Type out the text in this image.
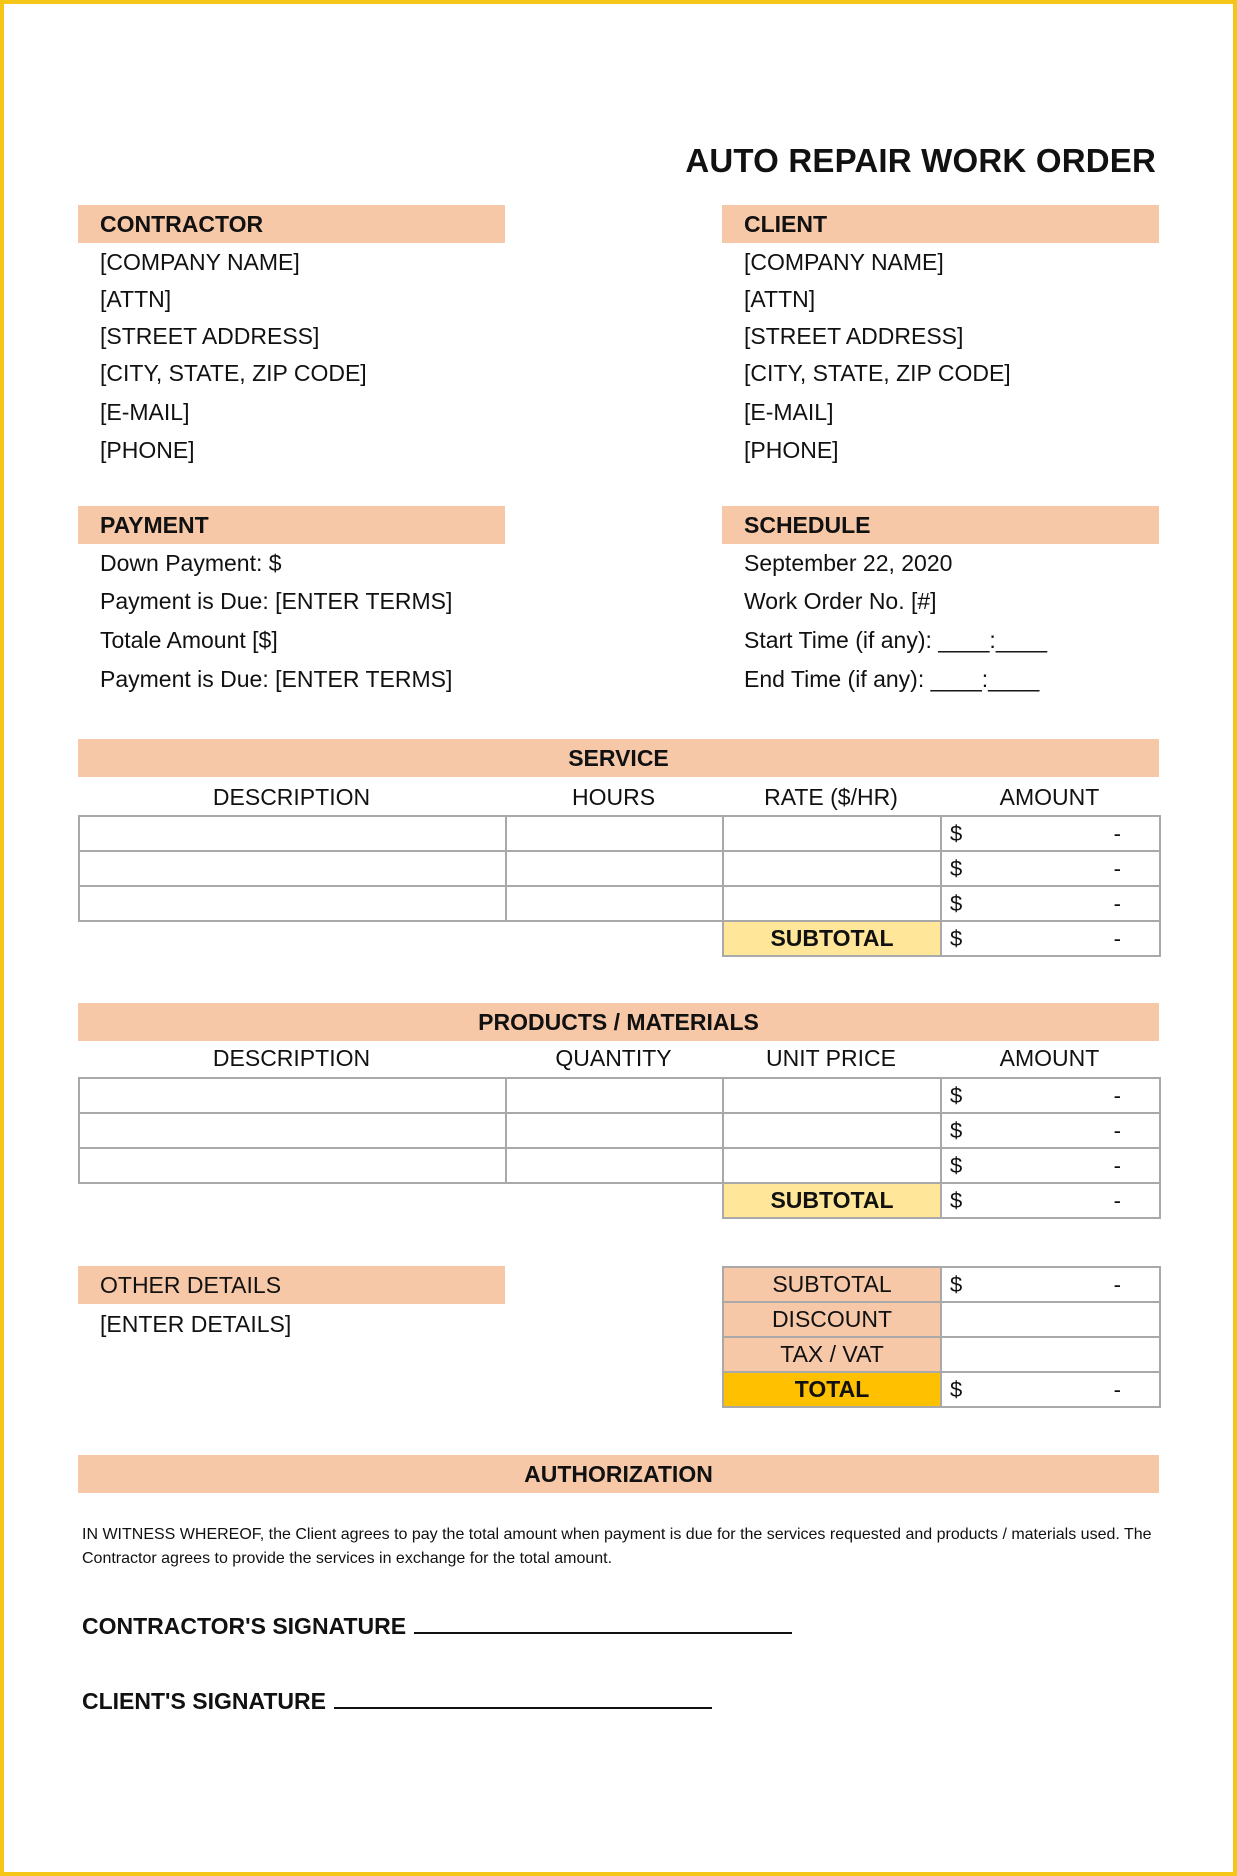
AUTO REPAIR WORK ORDER
CONTRACTOR
[COMPANY NAME]
[ATTN]
[STREET ADDRESS]
[CITY, STATE, ZIP CODE]
[E-MAIL]
[PHONE]
CLIENT
[COMPANY NAME]
[ATTN]
[STREET ADDRESS]
[CITY, STATE, ZIP CODE]
[E-MAIL]
[PHONE]
PAYMENT
Down Payment: $
Payment is Due: [ENTER TERMS]
Totale Amount [$]
Payment is Due: [ENTER TERMS]
SCHEDULE
September 22, 2020
Work Order No. [#]
Start Time (if any): ____:____
End Time (if any): ____:____
SERVICE
DESCRIPTION	HOURS	RATE ($/HR)	AMOUNT

			$ -

			$ -

			$ -

		SUBTOTAL	$ -
PRODUCTS / MATERIALS
DESCRIPTION	QUANTITY	UNIT PRICE	AMOUNT

			$ -

			$ -

			$ -

		SUBTOTAL	$ -
OTHER DETAILS
[ENTER DETAILS]
SUBTOTAL	$ -

DISCOUNT	
TAX / VAT	
TOTAL	$ -
AUTHORIZATION
IN WITNESS WHEREOF, the Client agrees to pay the total amount when payment is due for the services requested and products / materials used. The Contractor agrees to provide the services in exchange for the total amount.
CONTRACTOR'S SIGNATURE
CLIENT'S SIGNATURE
